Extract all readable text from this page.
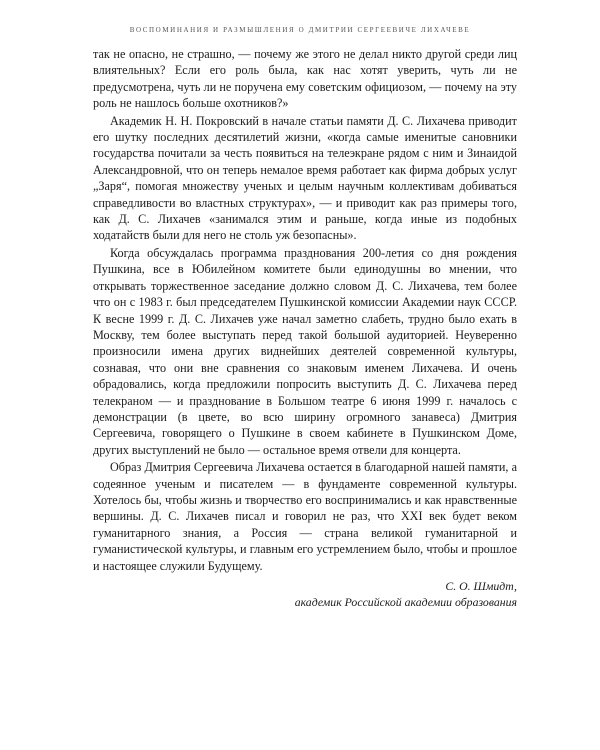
ВОСПОМИНАНИЯ И РАЗМЫШЛЕНИЯ О ДМИТРИИ СЕРГЕЕВИЧЕ ЛИХАЧЕВЕ

так не опасно, не страшно, — почему же этого не делал никто другой среди лиц влиятельных? Если его роль была, как нас хотят уверить, чуть ли не предусмотрена, чуть ли не поручена ему советским официозом, — почему на эту роль не нашлось больше охотников?»

Академик Н. Н. Покровский в начале статьи памяти Д. С. Лихачева приводит его шутку последних десятилетий жизни, «когда самые именитые сановники государства почитали за честь появиться на телеэкране рядом с ним и Зинаидой Александровной, что он теперь немалое время работает как фирма добрых услуг „Заря“, помогая множеству ученых и целым научным коллективам добиваться справедливости во властных структурах», — и приводит как раз примеры того, как Д. С. Лихачев «занимался этим и раньше, когда иные из подобных ходатайств были для него не столь уж безопасны».

Когда обсуждалась программа празднования 200-летия со дня рождения Пушкина, все в Юбилейном комитете были единодушны во мнении, что открывать торжественное заседание должно словом Д. С. Лихачева, тем более что он с 1983 г. был председателем Пушкинской комиссии Академии наук СССР. К весне 1999 г. Д. С. Лихачев уже начал заметно слабеть, трудно было ехать в Москву, тем более выступать перед такой большой аудиторией. Неуверенно произносили имена других виднейших деятелей современной культуры, сознавая, что они вне сравнения со знаковым именем Лихачева. И очень обрадовались, когда предложили попросить выступить Д. С. Лихачева перед телекраном — и празднование в Большом театре 6 июня 1999 г. началось с демонстрации (в цвете, во всю ширину огромного занавеса) Дмитрия Сергеевича, говорящего о Пушкине в своем кабинете в Пушкинском Доме, других выступлений не было — остальное время отвели для концерта.

Образ Дмитрия Сергеевича Лихачева остается в благодарной нашей памяти, а содеянное ученым и писателем — в фундаменте современной культуры. Хотелось бы, чтобы жизнь и творчество его воспринимались и как нравственные вершины. Д. С. Лихачев писал и говорил не раз, что XXI век будет веком гуманитарного знания, а Россия — страна великой гуманитарной и гуманистической культуры, и главным его устремлением было, чтобы и прошлое и настоящее служили Будущему.

С. О. Шмидт,
академик Российской академии образования
